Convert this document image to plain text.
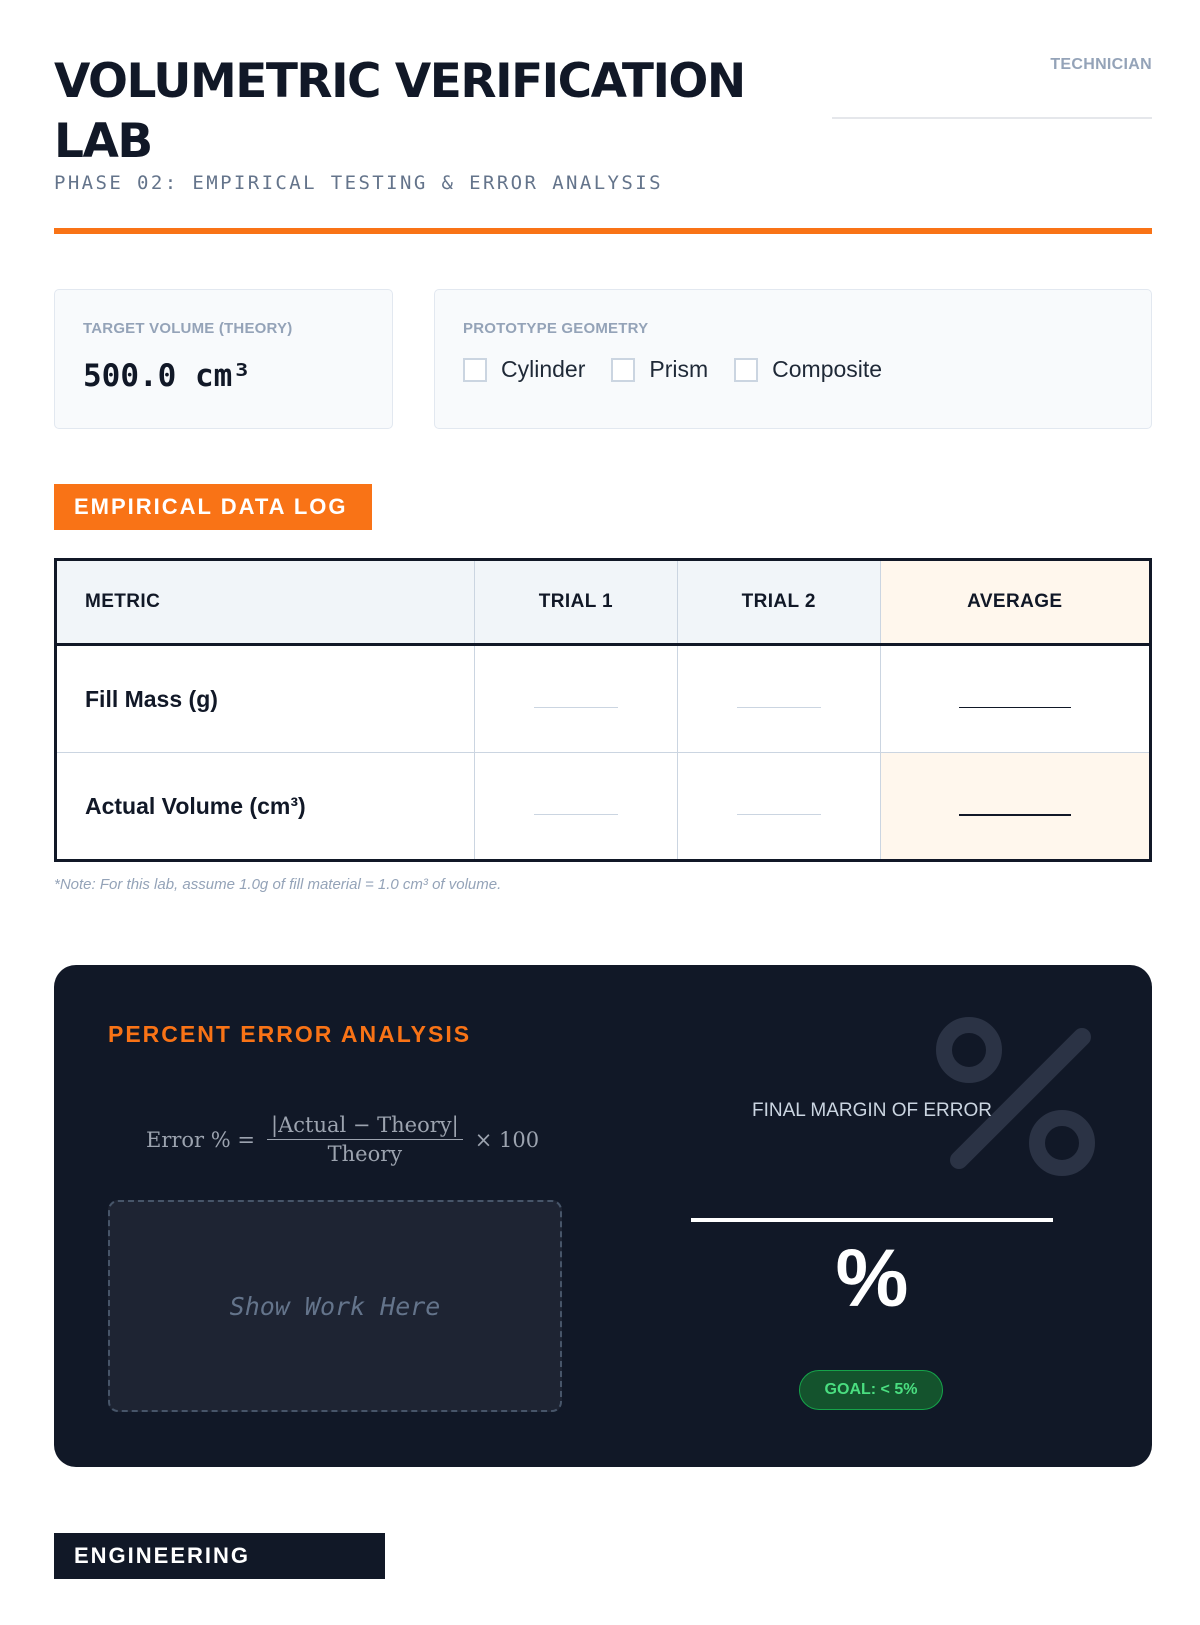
VOLUMETRIC VERIFICATION LAB
PHASE 02: EMPIRICAL TESTING & ERROR ANALYSIS
TECHNICIAN
TARGET VOLUME (THEORY)
500.0 cm³
PROTOTYPE GEOMETRY
Cylinder	Prism	Composite
EMPIRICAL DATA LOG
METRIC	TRIAL 1	TRIAL 2	AVERAGE
Fill Mass (g)			
Actual Volume (cm³)			
*Note: For this lab, assume 1.0g of fill material = 1.0 cm³ of volume.
PERCENT ERROR ANALYSIS
Error % = $\frac{\text{|Actual − Theory|}}{\text{Theory}} \times 100$
Show Work Here
FINAL MARGIN OF ERROR
%
GOAL: < 5%
ENGINEERING DEBRIEF
